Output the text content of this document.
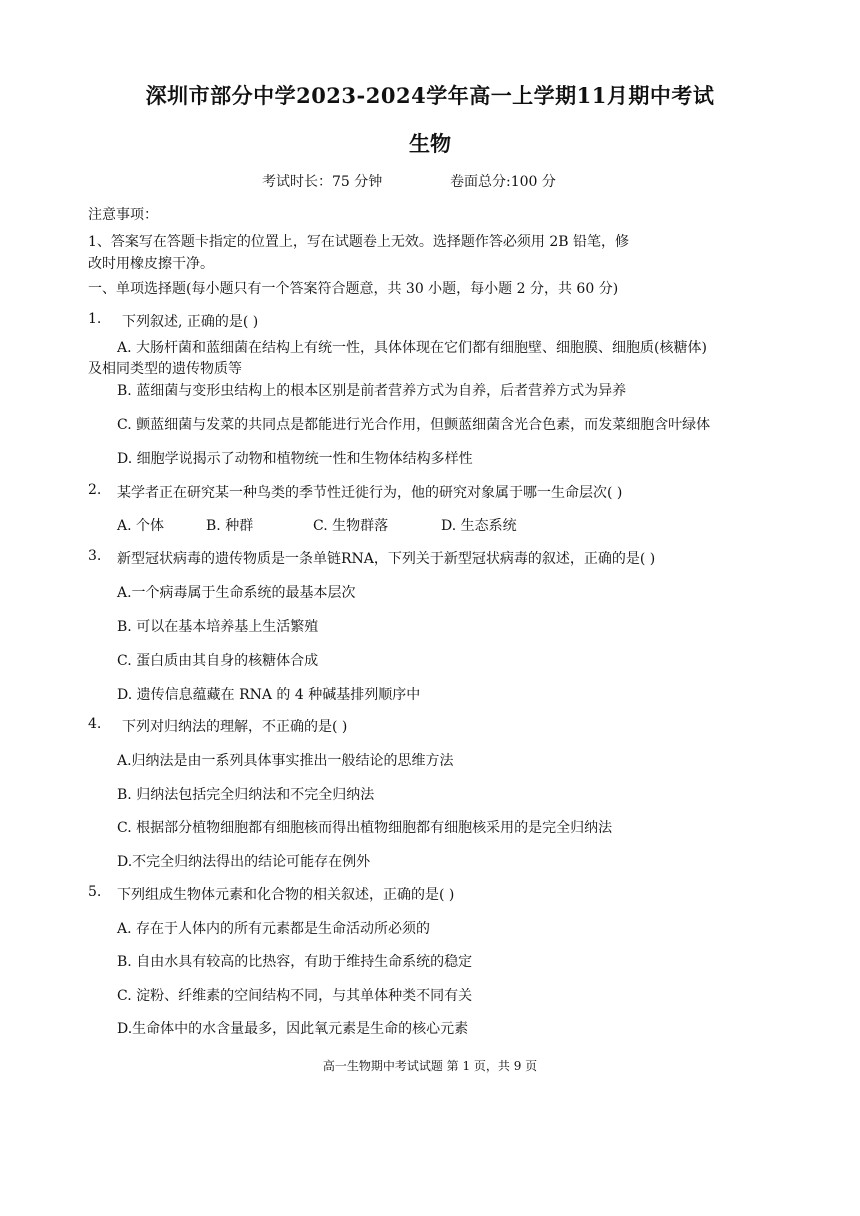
深圳市部分中学2023-2024学年高一上学期11月期中考试
生物
考试时长：75 分钟	卷面总分:100 分
注意事项：
1、答案写在答题卡指定的位置上，写在试题卷上无效。选择题作答必须用 2B 铅笔，修
改时用橡皮擦干净。
一、单项选择题(每小题只有一个答案符合题意，共 30 小题，每小题 2 分，共 60 分)
1. 下列叙述, 正确的是( )
A. 大肠杆菌和蓝细菌在结构上有统一性，具体体现在它们都有细胞壁、细胞膜、细胞质(核糖体)
及相同类型的遗传物质等
B. 蓝细菌与变形虫结构上的根本区别是前者营养方式为自养，后者营养方式为异养
C. 颤蓝细菌与发菜的共同点是都能进行光合作用，但颤蓝细菌含光合色素，而发菜细胞含叶绿体
D. 细胞学说揭示了动物和植物统一性和生物体结构多样性
2. 某学者正在研究某一种鸟类的季节性迁徙行为，他的研究对象属于哪一生命层次( )
A. 个体	B. 种群	C. 生物群落	D. 生态系统
3. 新型冠状病毒的遗传物质是一条单链RNA，下列关于新型冠状病毒的叙述，正确的是( )
A.一个病毒属于生命系统的最基本层次
B. 可以在基本培养基上生活繁殖
C. 蛋白质由其自身的核糖体合成
D. 遗传信息蕴藏在 RNA 的 4 种碱基排列顺序中
4. 下列对归纳法的理解，不正确的是( )
A.归纳法是由一系列具体事实推出一般结论的思维方法
B. 归纳法包括完全归纳法和不完全归纳法
C. 根据部分植物细胞都有细胞核而得出植物细胞都有细胞核采用的是完全归纳法
D.不完全归纳法得出的结论可能存在例外
5. 下列组成生物体元素和化合物的相关叙述，正确的是( )
A. 存在于人体内的所有元素都是生命活动所必须的
B. 自由水具有较高的比热容，有助于维持生命系统的稳定
C. 淀粉、纤维素的空间结构不同，与其单体种类不同有关
D.生命体中的水含量最多，因此氧元素是生命的核心元素
高一生物期中考试试题 第 1 页，共 9 页
